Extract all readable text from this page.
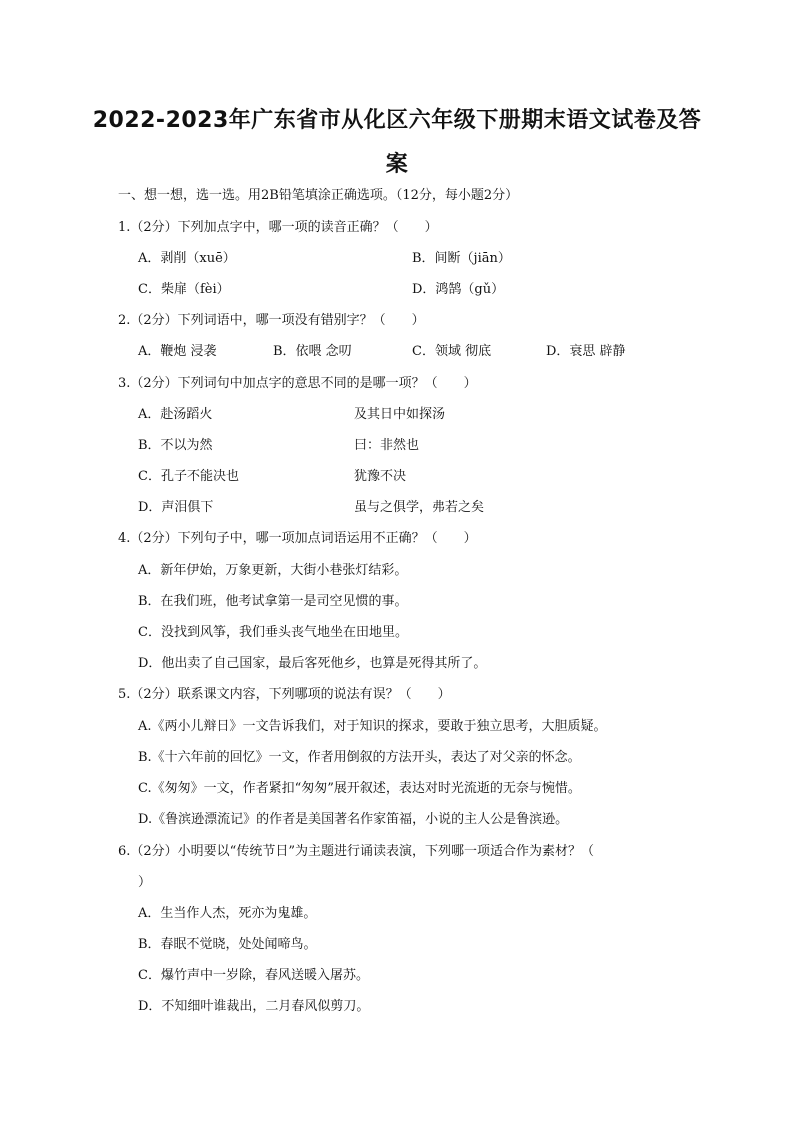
2022-2023年广东省市从化区六年级下册期末语文试卷及答
案
一、想一想，选一选。用2B铅笔填涂正确选项。（12分，每小题2分）
1.（2分）下列加点字中，哪一项的读音正确？（　　）
A．剥削（xuē）	B．间断（jiān）
C．柴扉（fèi）	D．鸿鹄（gǔ）
2.（2分）下列词语中，哪一项没有错别字？（　　）
A．鞭炮 浸袭	B．依喂 念叨	C．领域 彻底	D．衰思 辟静
3.（2分）下列词句中加点字的意思不同的是哪一项？（　　）
A．赴汤蹈火	及其日中如探汤
B．不以为然	曰：非然也
C．孔子不能决也	犹豫不决
D．声泪俱下	虽与之俱学，弗若之矣
4.（2分）下列句子中，哪一项加点词语运用不正确？（　　）
A．新年伊始，万象更新，大街小巷张灯结彩。
B．在我们班，他考试拿第一是司空见惯的事。
C．没找到风筝，我们垂头丧气地坐在田地里。
D．他出卖了自己国家，最后客死他乡，也算是死得其所了。
5.（2分）联系课文内容，下列哪项的说法有误？（　　）
A.《两小儿辩日》一文告诉我们，对于知识的探求，要敢于独立思考，大胆质疑。
B.《十六年前的回忆》一文，作者用倒叙的方法开头，表达了对父亲的怀念。
C.《匆匆》一文，作者紧扣“匆匆”展开叙述，表达对时光流逝的无奈与惋惜。
D.《鲁滨逊漂流记》的作者是美国著名作家笛福，小说的主人公是鲁滨逊。
6.（2分）小明要以“传统节日”为主题进行诵读表演，下列哪一项适合作为素材？（
）
A．生当作人杰，死亦为鬼雄。
B．春眠不觉晓，处处闻啼鸟。
C．爆竹声中一岁除，春风送暖入屠苏。
D．不知细叶谁裁出，二月春风似剪刀。
